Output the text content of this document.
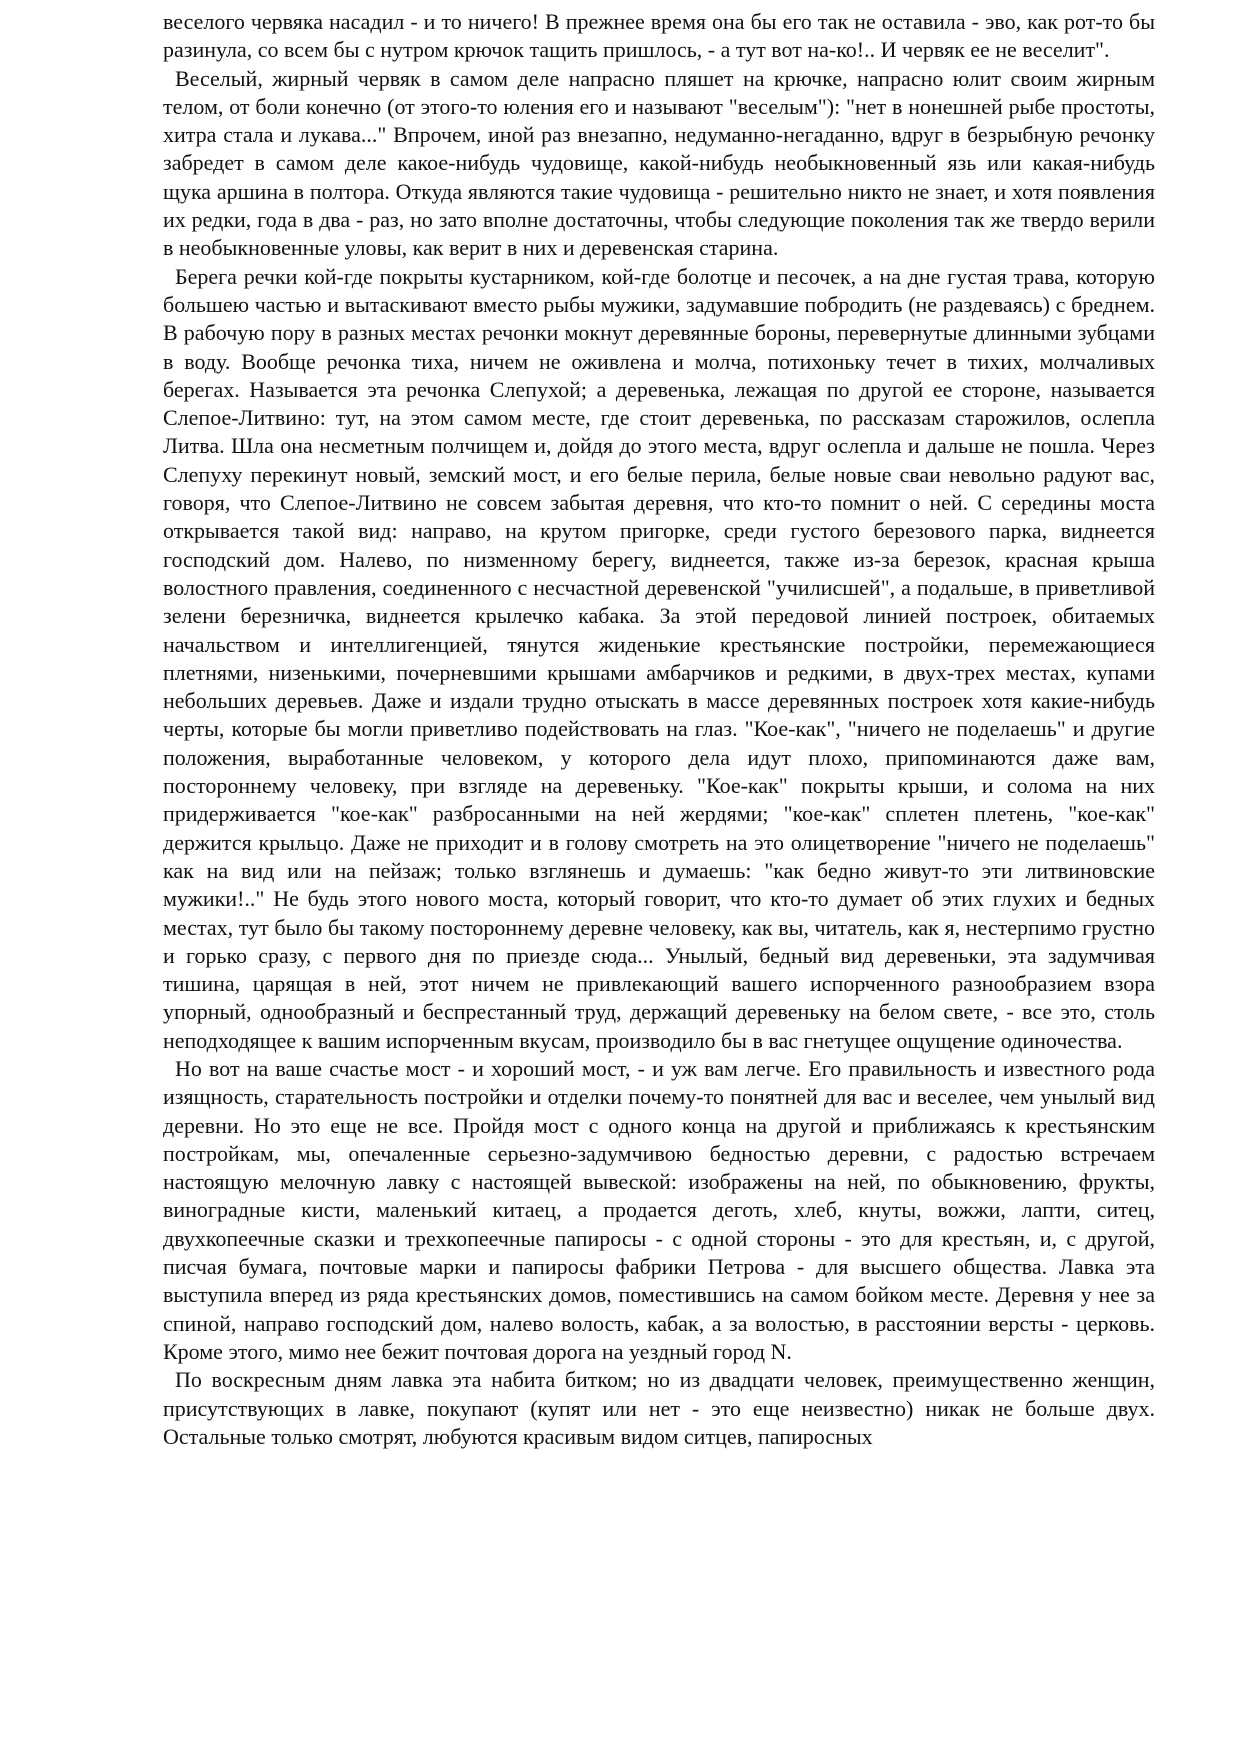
веселого червяка насадил - и то ничего! В прежнее время она бы его так не оставила - эво, как рот-то бы разинула, со всем бы с нутром крючок тащить пришлось, - а тут вот на-ко!.. И червяк ее не веселит".

Веселый, жирный червяк в самом деле напрасно пляшет на крючке, напрасно юлит своим жирным телом, от боли конечно (от этого-то юления его и называют "веселым"): "нет в нонешней рыбе простоты, хитра стала и лукава..." Впрочем, иной раз внезапно, недуманно-негаданно, вдруг в безрыбную речонку забредет в самом деле какое-нибудь чудовище, какой-нибудь необыкновенный язь или какая-нибудь щука аршина в полтора. Откуда являются такие чудовища - решительно никто не знает, и хотя появления их редки, года в два - раз, но зато вполне достаточны, чтобы следующие поколения так же твердо верили в необыкновенные уловы, как верит в них и деревенская старина.

Берега речки кой-где покрыты кустарником, кой-где болотце и песочек, а на дне густая трава, которую большею частью и вытаскивают вместо рыбы мужики, задумавшие побродить (не раздеваясь) с бреднем. В рабочую пору в разных местах речонки мокнут деревянные бороны, перевернутые длинными зубцами в воду. Вообще речонка тиха, ничем не оживлена и молча, потихоньку течет в тихих, молчаливых берегах. Называется эта речонка Слепухой; а деревенька, лежащая по другой ее стороне, называется Слепое-Литвино: тут, на этом самом месте, где стоит деревенька, по рассказам старожилов, ослепла Литва. Шла она несметным полчищем и, дойдя до этого места, вдруг ослепла и дальше не пошла. Через Слепуху перекинут новый, земский мост, и его белые перила, белые новые сваи невольно радуют вас, говоря, что Слепое-Литвино не совсем забытая деревня, что кто-то помнит о ней. С середины моста открывается такой вид: направо, на крутом пригорке, среди густого березового парка, виднеется господский дом. Налево, по низменному берегу, виднеется, также из-за березок, красная крыша волостного правления, соединенного с несчастной деревенской "училисшей", а подальше, в приветливой зелени березничка, виднеется крылечко кабака. За этой передовой линией построек, обитаемых начальством и интеллигенцией, тянутся жиденькие крестьянские постройки, перемежающиеся плетнями, низенькими, почерневшими крышами амбарчиков и редкими, в двух-трех местах, купами небольших деревьев. Даже и издали трудно отыскать в массе деревянных построек хотя какие-нибудь черты, которые бы могли приветливо подействовать на глаз. "Кое-как", "ничего не поделаешь" и другие положения, выработанные человеком, у которого дела идут плохо, припоминаются даже вам, постороннему человеку, при взгляде на деревеньку. "Кое-как" покрыты крыши, и солома на них придерживается "кое-как" разбросанными на ней жердями; "кое-как" сплетен плетень, "кое-как" держится крыльцо. Даже не приходит и в голову смотреть на это олицетворение "ничего не поделаешь" как на вид или на пейзаж; только взглянешь и думаешь: "как бедно живут-то эти литвиновские мужики!.." Не будь этого нового моста, который говорит, что кто-то думает об этих глухих и бедных местах, тут было бы такому постороннему деревне человеку, как вы, читатель, как я, нестерпимо грустно и горько сразу, с первого дня по приезде сюда... Унылый, бедный вид деревеньки, эта задумчивая тишина, царящая в ней, этот ничем не привлекающий вашего испорченного разнообразием взора упорный, однообразный и беспрестанный труд, держащий деревеньку на белом свете, - все это, столь неподходящее к вашим испорченным вкусам, производило бы в вас гнетущее ощущение одиночества.

Но вот на ваше счастье мост - и хороший мост, - и уж вам легче. Его правильность и известного рода изящность, старательность постройки и отделки почему-то понятней для вас и веселее, чем унылый вид деревни. Но это еще не все. Пройдя мост с одного конца на другой и приближаясь к крестьянским постройкам, мы, опечаленные серьезно-задумчивою бедностью деревни, с радостью встречаем настоящую мелочную лавку с настоящей вывеской: изображены на ней, по обыкновению, фрукты, виноградные кисти, маленький китаец, а продается деготь, хлеб, кнуты, вожжи, лапти, ситец, двухкопеечные сказки и трехкопеечные папиросы - с одной стороны - это для крестьян, и, с другой, писчая бумага, почтовые марки и папиросы фабрики Петрова - для высшего общества. Лавка эта выступила вперед из ряда крестьянских домов, поместившись на самом бойком месте. Деревня у нее за спиной, направо господский дом, налево волость, кабак, а за волостью, в расстоянии версты - церковь. Кроме этого, мимо нее бежит почтовая дорога на уездный город N.

По воскресным дням лавка эта набита битком; но из двадцати человек, преимущественно женщин, присутствующих в лавке, покупают (купят или нет - это еще неизвестно) никак не больше двух. Остальные только смотрят, любуются красивым видом ситцев, папиросных
